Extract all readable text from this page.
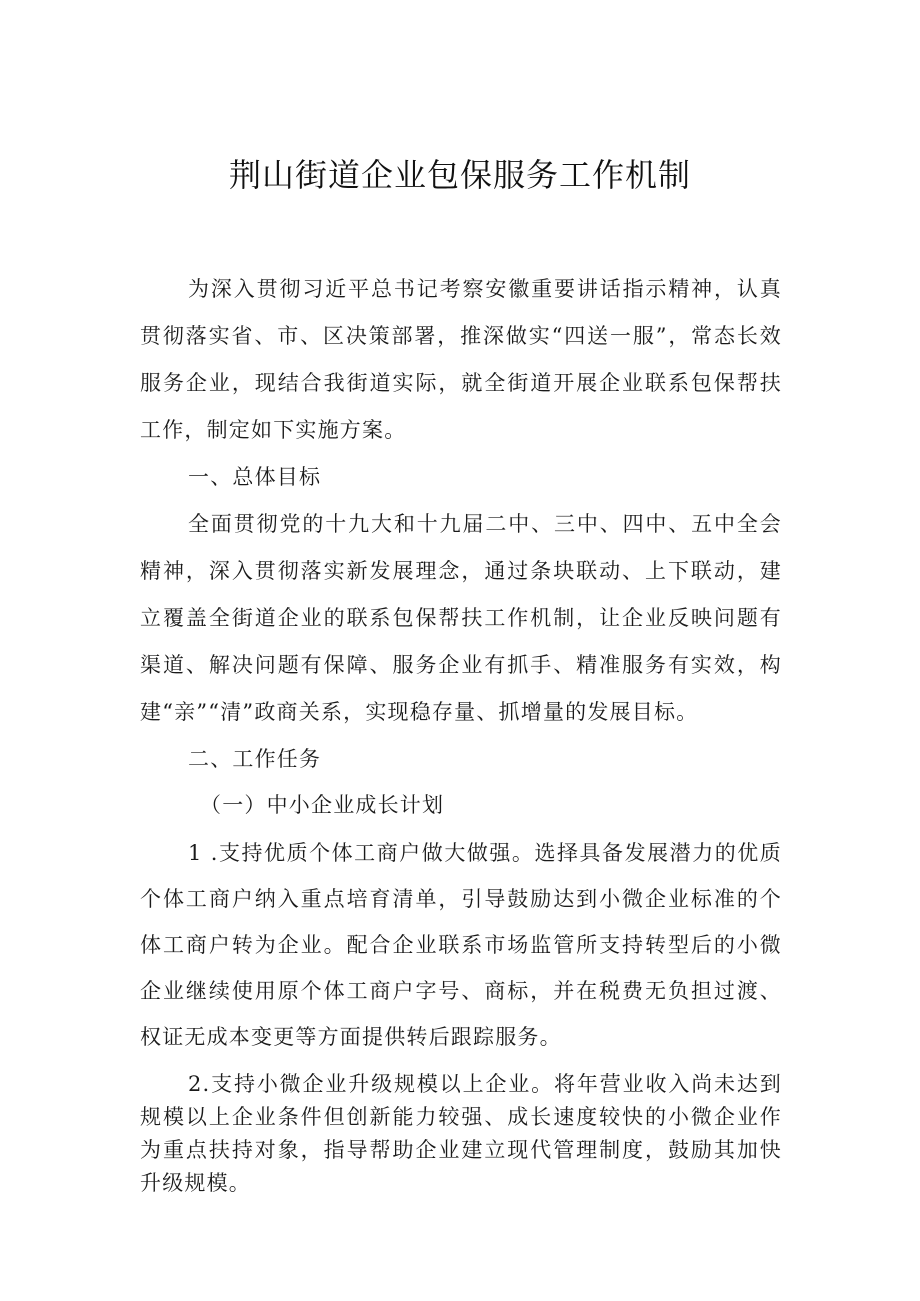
荆山街道企业包保服务工作机制

为深入贯彻习近平总书记考察安徽重要讲话指示精神，认真贯彻落实省、市、区决策部署，推深做实“四送一服”，常态长效服务企业，现结合我街道实际，就全街道开展企业联系包保帮扶工作，制定如下实施方案。

一、总体目标

全面贯彻党的十九大和十九届二中、三中、四中、五中全会精神，深入贯彻落实新发展理念，通过条块联动、上下联动，建立覆盖全街道企业的联系包保帮扶工作机制，让企业反映问题有渠道、解决问题有保障、服务企业有抓手、精准服务有实效，构建“亲”“清”政商关系，实现稳存量、抓增量的发展目标。

二、工作任务

（一）中小企业成长计划

1 .支持优质个体工商户做大做强。选择具备发展潜力的优质个体工商户纳入重点培育清单，引导鼓励达到小微企业标准的个体工商户转为企业。配合企业联系市场监管所支持转型后的小微企业继续使用原个体工商户字号、商标，并在税费无负担过渡、权证无成本变更等方面提供转后跟踪服务。

2.支持小微企业升级规模以上企业。将年营业收入尚未达到规模以上企业条件但创新能力较强、成长速度较快的小微企业作为重点扶持对象，指导帮助企业建立现代管理制度，鼓励其加快升级规模。
